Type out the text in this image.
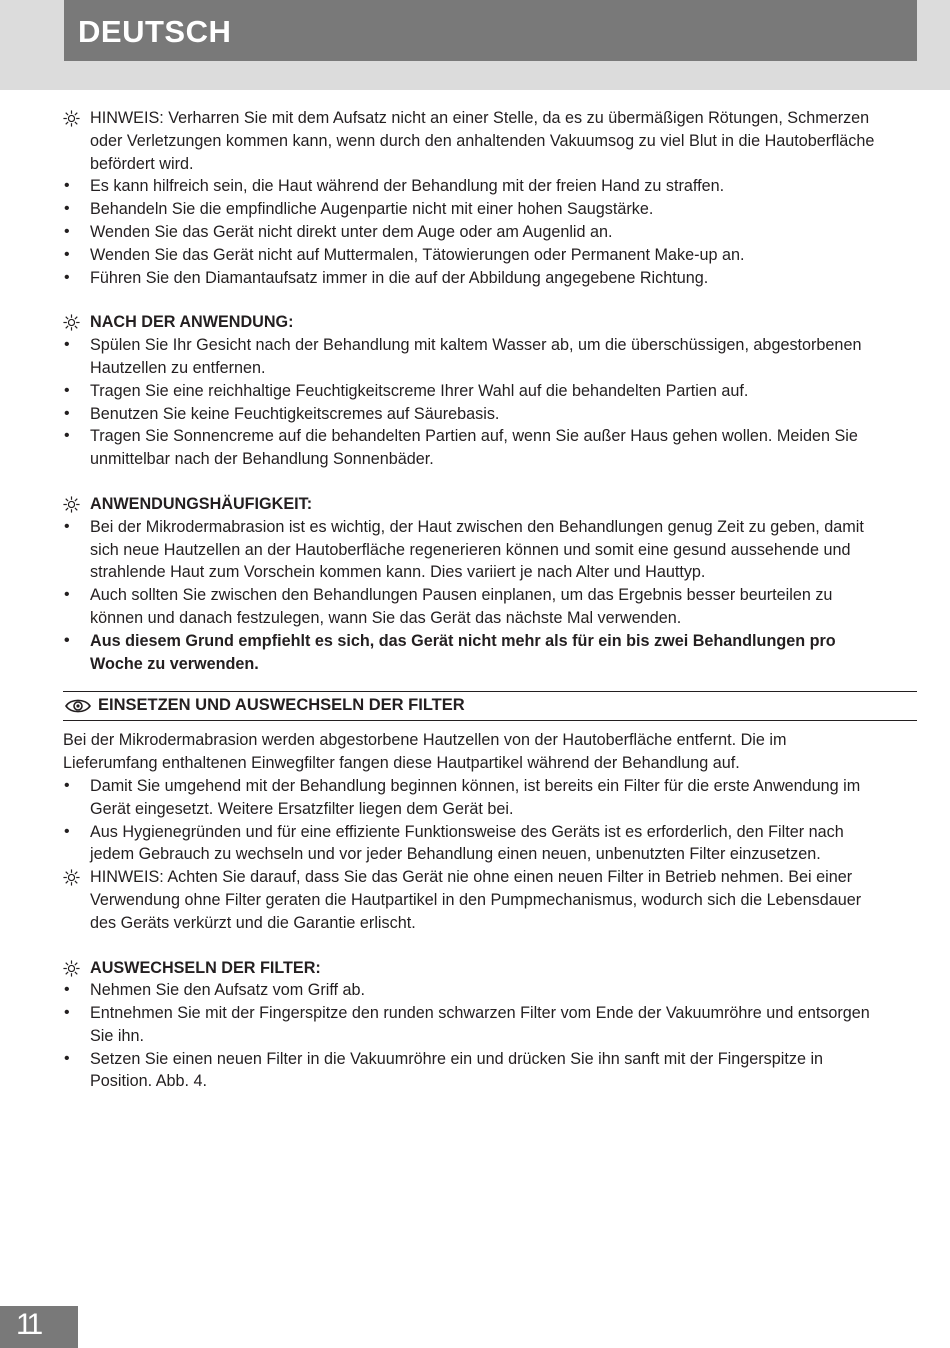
DEUTSCH
HINWEIS: Verharren Sie mit dem Aufsatz nicht an einer Stelle, da es zu übermäßigen Rötungen, Schmerzen oder Verletzungen kommen kann, wenn durch den anhaltenden Vakuumsog zu viel Blut in die Hautoberfläche befördert wird.
•	Es kann hilfreich sein, die Haut während der Behandlung mit der freien Hand zu straffen.
•	Behandeln Sie die empfindliche Augenpartie nicht mit einer hohen Saugstärke.
•	Wenden Sie das Gerät nicht direkt unter dem Auge oder am Augenlid an.
•	Wenden Sie das Gerät nicht auf Muttermalen, Tätowierungen oder Permanent Make-up an.
•	Führen Sie den Diamantaufsatz immer in die auf der Abbildung angegebene Richtung.
NACH DER ANWENDUNG:
•	Spülen Sie Ihr Gesicht nach der Behandlung mit kaltem Wasser ab, um die überschüssigen, abgestorbenen Hautzellen zu entfernen.
•	Tragen Sie eine reichhaltige Feuchtigkeitscreme Ihrer Wahl auf die behandelten Partien auf.
•	Benutzen Sie keine Feuchtigkeitscremes auf Säurebasis.
•	Tragen Sie Sonnencreme auf die behandelten Partien auf, wenn Sie außer Haus gehen wollen. Meiden Sie unmittelbar nach der Behandlung Sonnenbäder.
ANWENDUNGSHÄUFIGKEIT:
•	Bei der Mikrodermabrasion ist es wichtig, der Haut zwischen den Behandlungen genug Zeit zu geben, damit sich neue Hautzellen an der Hautoberfläche regenerieren können und somit eine gesund aussehende und strahlende Haut zum Vorschein kommen kann. Dies variiert je nach Alter und Hauttyp.
•	Auch sollten Sie zwischen den Behandlungen Pausen einplanen, um das Ergebnis besser beurteilen zu können und danach festzulegen, wann Sie das Gerät das nächste Mal verwenden.
•	Aus diesem Grund empfiehlt es sich, das Gerät nicht mehr als für ein bis zwei Behandlungen pro Woche zu verwenden.
EINSETZEN UND AUSWECHSELN DER FILTER

Bei der Mikrodermabrasion werden abgestorbene Hautzellen von der Hautoberfläche entfernt. Die im Lieferumfang enthaltenen Einwegfilter fangen diese Hautpartikel während der Behandlung auf.

•	Damit Sie umgehend mit der Behandlung beginnen können, ist bereits ein Filter für die erste Anwendung im Gerät eingesetzt. Weitere Ersatzfilter liegen dem Gerät bei.
•	Aus Hygienegründen und für eine effiziente Funktionsweise des Geräts ist es erforderlich, den Filter nach jedem Gebrauch zu wechseln und vor jeder Behandlung einen neuen, unbenutzten Filter einzusetzen.
HINWEIS: Achten Sie darauf, dass Sie das Gerät nie ohne einen neuen Filter in Betrieb nehmen. Bei einer Verwendung ohne Filter geraten die Hautpartikel in den Pumpmechanismus, wodurch sich die Lebensdauer des Geräts verkürzt und die Garantie erlischt.
AUSWECHSELN DER FILTER:
•	Nehmen Sie den Aufsatz vom Griff ab.
•	Entnehmen Sie mit der Fingerspitze den runden schwarzen Filter vom Ende der Vakuumröhre und entsorgen Sie ihn.
•	Setzen Sie einen neuen Filter in die Vakuumröhre ein und drücken Sie ihn sanft mit der Fingerspitze in Position. Abb. 4.
11
